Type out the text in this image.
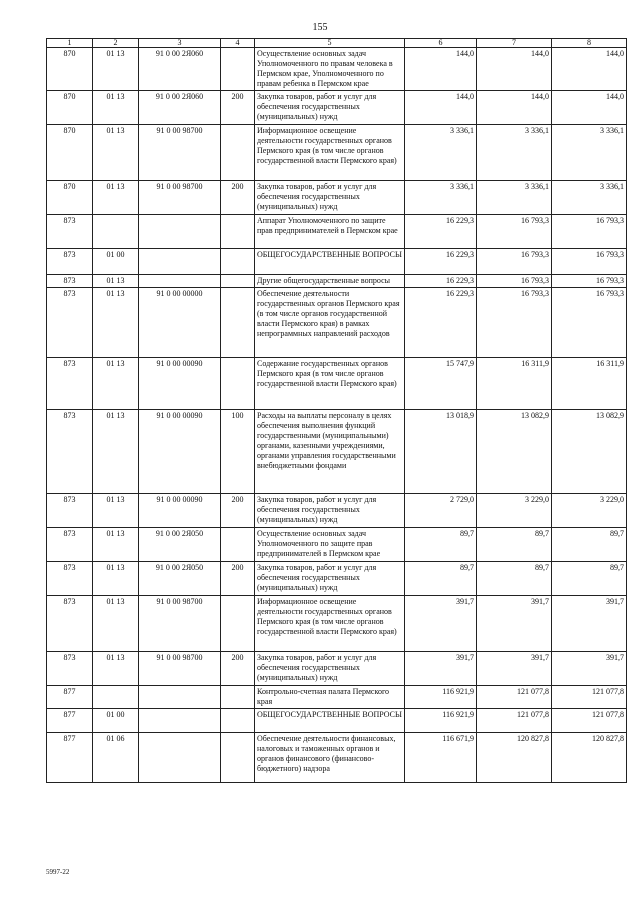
155
1	2	3	4	5	6	7	8
870	01 13	91 0 00 2Я060		Осуществление основных задач Уполномоченного по правам человека в Пермском крае, Уполномоченного по правам ребенка в Пермском крае	144,0	144,0	144,0
870	01 13	91 0 00 2Я060	200	Закупка товаров, работ и услуг для обеспечения государственных (муниципальных) нужд	144,0	144,0	144,0
870	01 13	91 0 00 98700		Информационное освещение деятельности государственных органов Пермского края (в том числе органов государственной власти Пермского края)	3 336,1	3 336,1	3 336,1
870	01 13	91 0 00 98700	200	Закупка товаров, работ и услуг для обеспечения государственных (муниципальных) нужд	3 336,1	3 336,1	3 336,1
873				Аппарат Уполномоченного по защите прав предпринимателей в Пермском крае	16 229,3	16 793,3	16 793,3
873	01 00			ОБЩЕГОСУДАРСТВЕННЫЕ ВОПРОСЫ	16 229,3	16 793,3	16 793,3
873	01 13			Другие общегосударственные вопросы	16 229,3	16 793,3	16 793,3
873	01 13	91 0 00 00000		Обеспечение деятельности государственных органов Пермского края (в том числе органов государственной власти Пермского края) в рамках непрограммных направлений расходов	16 229,3	16 793,3	16 793,3
873	01 13	91 0 00 00090		Содержание государственных органов Пермского края (в том числе органов государственной власти Пермского края)	15 747,9	16 311,9	16 311,9
873	01 13	91 0 00 00090	100	Расходы на выплаты персоналу в целях обеспечения выполнения функций государственными (муниципальными) органами, казенными учреждениями, органами управления государственными внебюджетными фондами	13 018,9	13 082,9	13 082,9
873	01 13	91 0 00 00090	200	Закупка товаров, работ и услуг для обеспечения государственных (муниципальных) нужд	2 729,0	3 229,0	3 229,0
873	01 13	91 0 00 2Я050		Осуществление основных задач Уполномоченного по защите прав предпринимателей в Пермском крае	89,7	89,7	89,7
873	01 13	91 0 00 2Я050	200	Закупка товаров, работ и услуг для обеспечения государственных (муниципальных) нужд	89,7	89,7	89,7
873	01 13	91 0 00 98700		Информационное освещение деятельности государственных органов Пермского края (в том числе органов государственной власти Пермского края)	391,7	391,7	391,7
873	01 13	91 0 00 98700	200	Закупка товаров, работ и услуг для обеспечения государственных (муниципальных) нужд	391,7	391,7	391,7
877				Контрольно-счетная палата Пермского края	116 921,9	121 077,8	121 077,8
877	01 00			ОБЩЕГОСУДАРСТВЕННЫЕ ВОПРОСЫ	116 921,9	121 077,8	121 077,8
877	01 06			Обеспечение деятельности финансовых, налоговых и таможенных органов и органов финансового (финансово-бюджетного) надзора	116 671,9	120 827,8	120 827,8
5997-22
